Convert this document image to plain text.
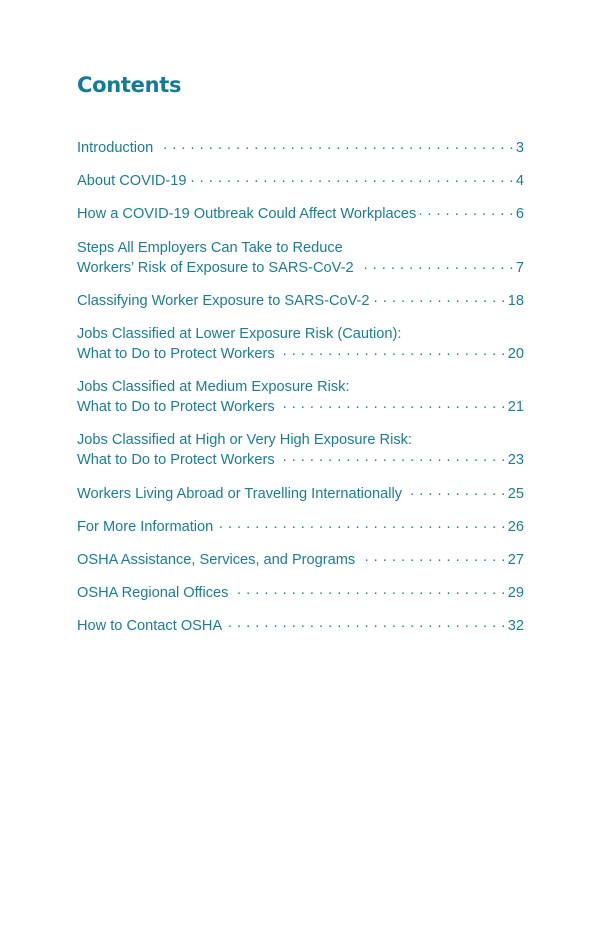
Contents
Introduction . . .	3
About COVID-19 . . .	4
How a COVID-19 Outbreak Could Affect Workplaces . . .	6
Steps All Employers Can Take to Reduce
Workers’ Risk of Exposure to SARS-CoV-2 . . .	7
Classifying Worker Exposure to SARS-CoV-2 . . .	18
Jobs Classified at Lower Exposure Risk (Caution):
What to Do to Protect Workers . . .	20
Jobs Classified at Medium Exposure Risk:
What to Do to Protect Workers . . .	21
Jobs Classified at High or Very High Exposure Risk:
What to Do to Protect Workers . . .	23
Workers Living Abroad or Travelling Internationally . . .	25
For More Information . . .	26
OSHA Assistance, Services, and Programs . . .	27
OSHA Regional Offices . . .	29
How to Contact OSHA . . .	32
